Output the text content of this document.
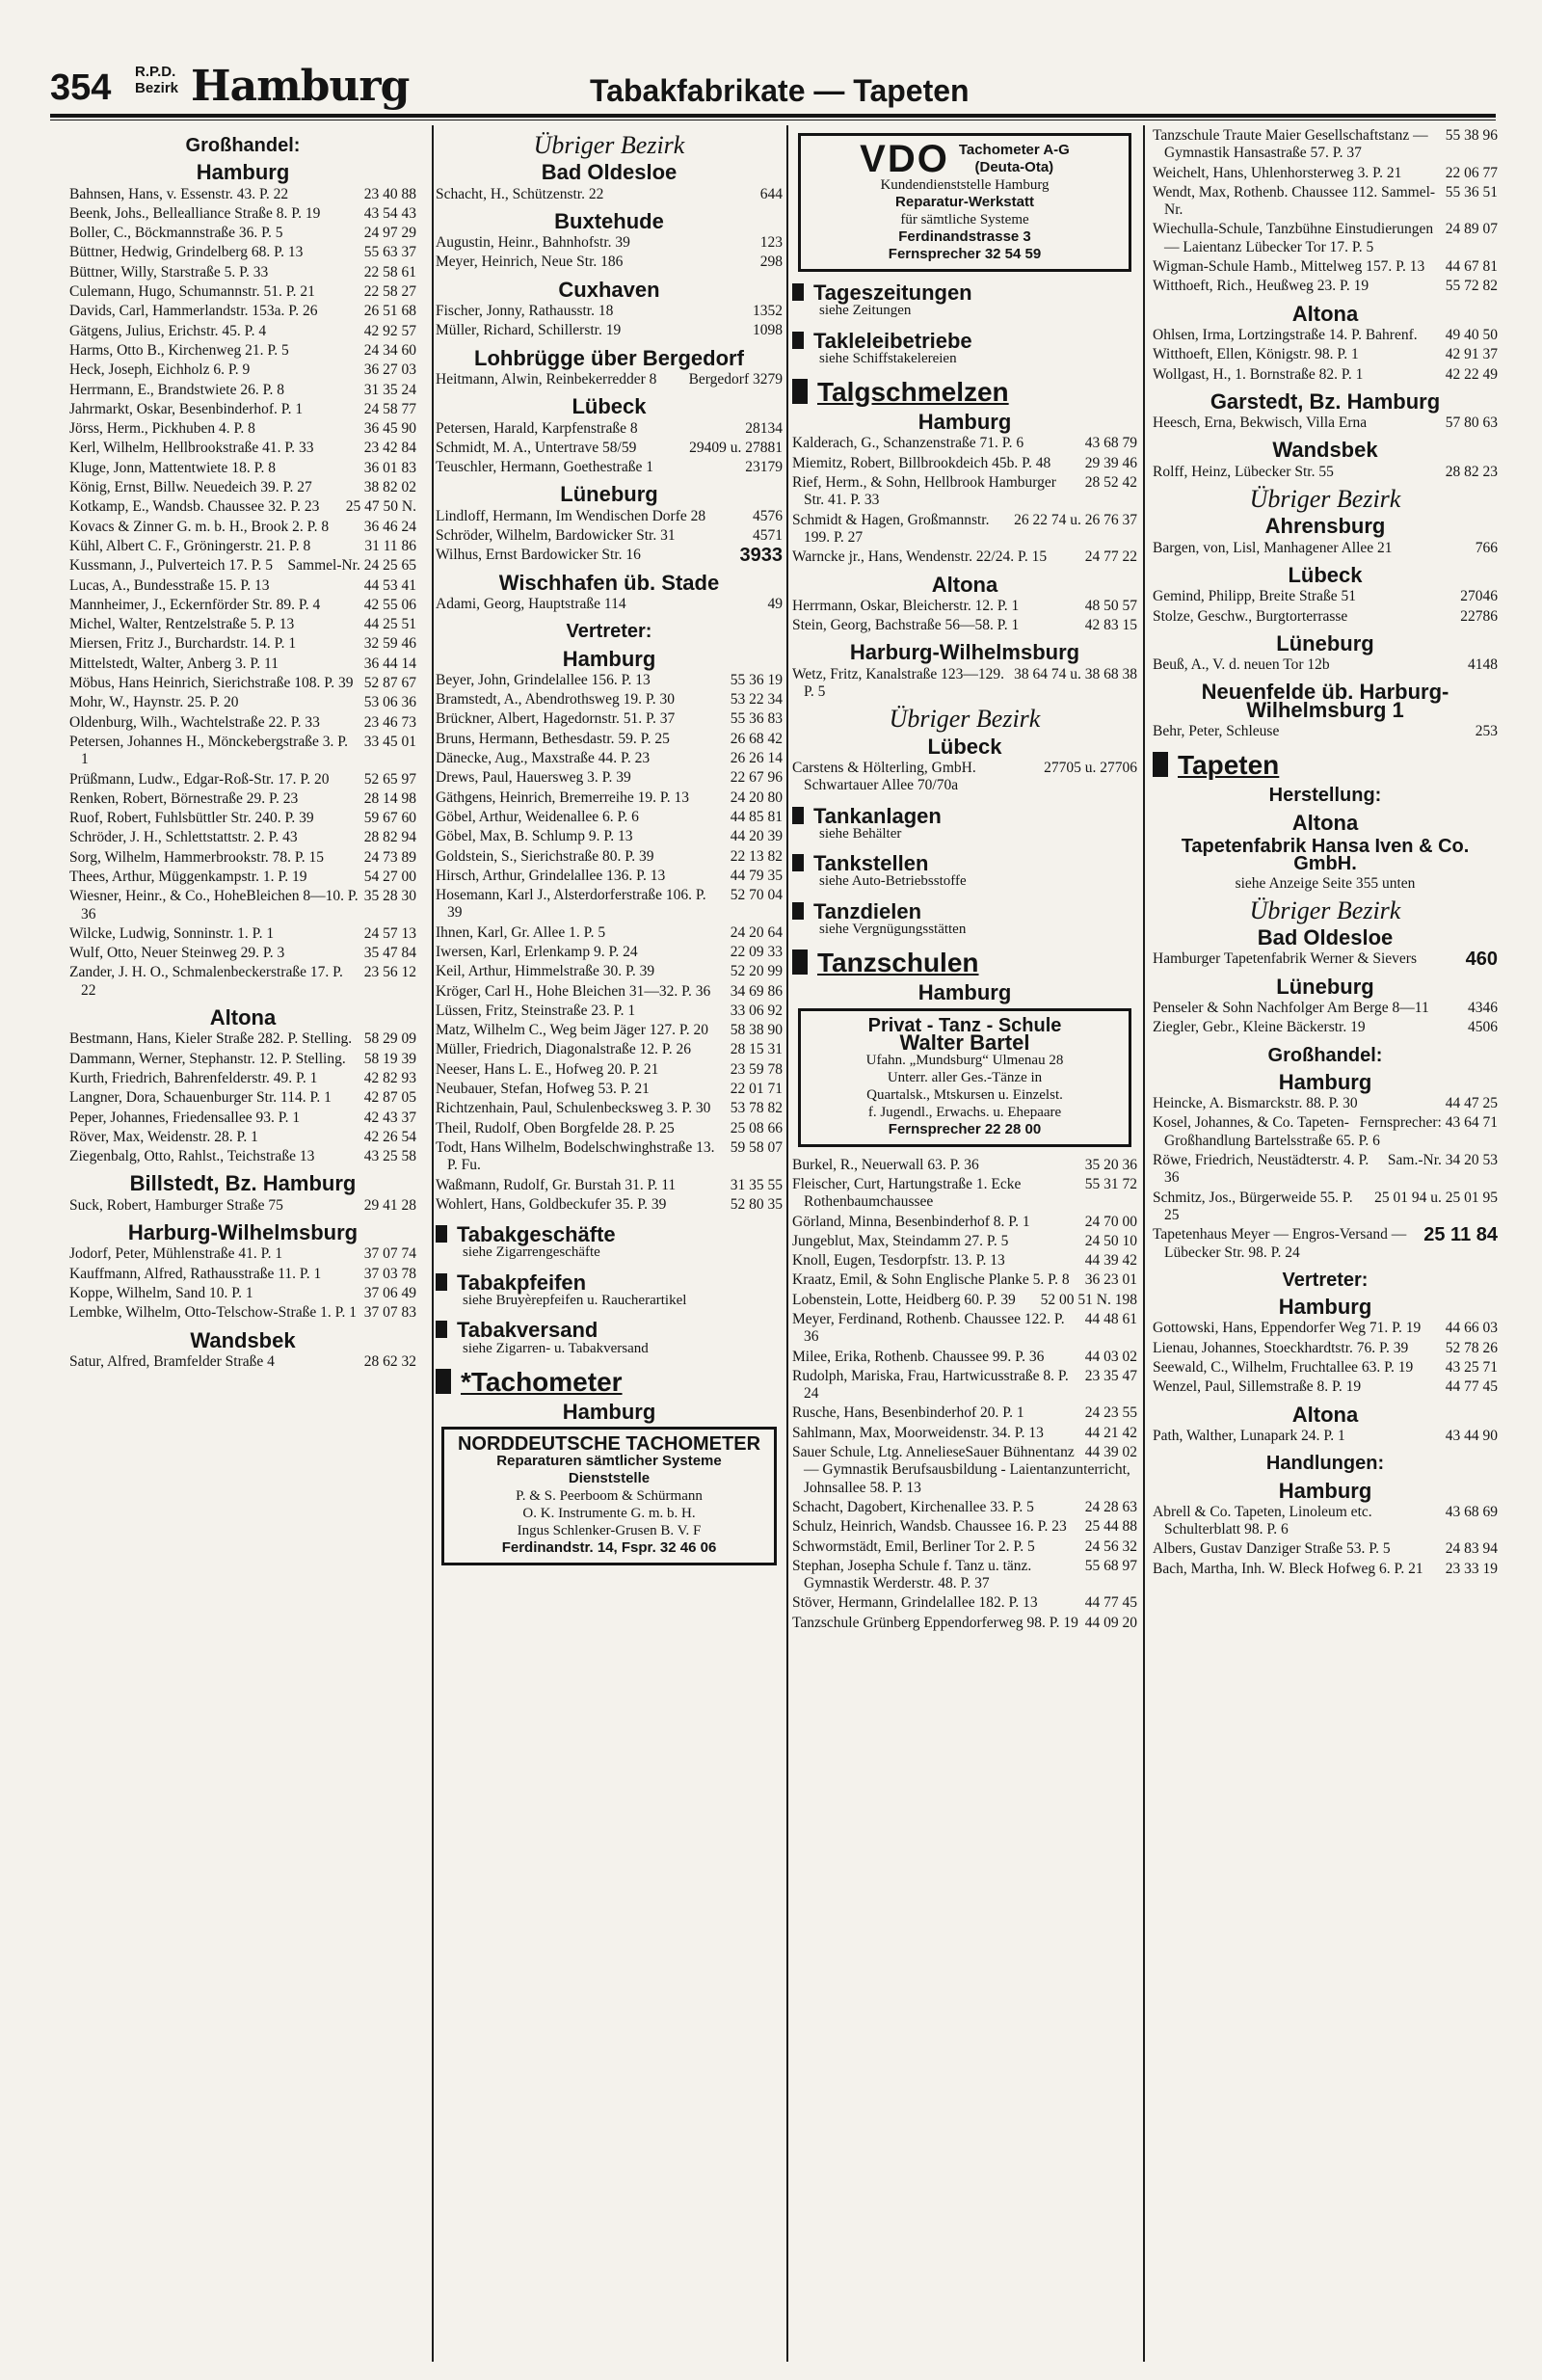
354 R.P.D.
Bezirk Hamburg	Tabakfabrikate — Tapeten
Großhandel:
Hamburg
23 40 88
Bahnsen, Hans, v. Essenstr. 43. P. 22
43 54 43
Beenk, Johs., Bellealliance Straße 8. P. 19
24 97 29
Boller, C., Böckmannstraße 36. P. 5
55 63 37
Büttner, Hedwig, Grindelberg 68. P. 13
22 58 61
Büttner, Willy, Starstraße 5. P. 33
22 58 27
Culemann, Hugo, Schumannstr. 51. P. 21
26 51 68
Davids, Carl, Hammerlandstr. 153a. P. 26
42 92 57
Gätgens, Julius, Erichstr. 45. P. 4
24 34 60
Harms, Otto B., Kirchenweg 21. P. 5
36 27 03
Heck, Joseph, Eichholz 6. P. 9
31 35 24
Herrmann, E., Brandstwiete 26. P. 8
24 58 77
Jahrmarkt, Oskar, Besenbinderhof. P. 1
36 45 90
Jörss, Herm., Pickhuben 4. P. 8
23 42 84
Kerl, Wilhelm, Hellbrookstraße 41. P. 33
36 01 83
Kluge, Jonn, Mattentwiete 18. P. 8
38 82 02
König, Ernst, Billw. Neuedeich 39. P. 27
25 47 50 N.
Kotkamp, E., Wandsb. Chaussee 32. P. 23
36 46 24
Kovacs & Zinner G. m. b. H., Brook 2. P. 8
31 11 86
Kühl, Albert C. F., Gröningerstr. 21. P. 8
Sammel-Nr. 24 25 65
Kussmann, J., Pulverteich 17. P. 5
44 53 41
Lucas, A., Bundesstraße 15. P. 13
42 55 06
Mannheimer, J., Eckernförder Str. 89. P. 4
44 25 51
Michel, Walter, Rentzelstraße 5. P. 13
32 59 46
Miersen, Fritz J., Burchardstr. 14. P. 1
36 44 14
Mittelstedt, Walter, Anberg 3. P. 11
52 87 67
Möbus, Hans Heinrich, Sierichstraße 108. P. 39
53 06 36
Mohr, W., Haynstr. 25. P. 20
23 46 73
Oldenburg, Wilh., Wachtelstraße 22. P. 33
33 45 01
Petersen, Johannes H., Mönckebergstraße 3. P. 1
52 65 97
Prüßmann, Ludw., Edgar-Roß-Str. 17. P. 20
28 14 98
Renken, Robert, Börnestraße 29. P. 23
59 67 60
Ruof, Robert, Fuhlsbüttler Str. 240. P. 39
28 82 94
Schröder, J. H., Schlettstattstr. 2. P. 43
24 73 89
Sorg, Wilhelm, Hammerbrookstr. 78. P. 15
54 27 00
Thees, Arthur, Müggenkampstr. 1. P. 19
35 28 30
Wiesner, Heinr., & Co., HoheBleichen 8—10. P. 36
24 57 13
Wilcke, Ludwig, Sonninstr. 1. P. 1
35 47 84
Wulf, Otto, Neuer Steinweg 29. P. 3
23 56 12
Zander, J. H. O., Schmalenbeckerstraße 17. P. 22
Altona
58 29 09
Bestmann, Hans, Kieler Straße 282. P. Stelling.
58 19 39
Dammann, Werner, Stephanstr. 12. P. Stelling.
42 82 93
Kurth, Friedrich, Bahrenfelderstr. 49. P. 1
42 87 05
Langner, Dora, Schauenburger Str. 114. P. 1
42 43 37
Peper, Johannes, Friedensallee 93. P. 1
42 26 54
Röver, Max, Weidenstr. 28. P. 1
43 25 58
Ziegenbalg, Otto, Rahlst., Teichstraße 13
Billstedt, Bz. Hamburg
29 41 28
Suck, Robert, Hamburger Straße 75
Harburg-Wilhelmsburg
37 07 74
Jodorf, Peter, Mühlenstraße 41. P. 1
37 03 78
Kauffmann, Alfred, Rathausstraße 11. P. 1
37 06 49
Koppe, Wilhelm, Sand 10. P. 1
37 07 83
Lembke, Wilhelm, Otto-Telschow-Straße 1. P. 1
Wandsbek
28 62 32
Satur, Alfred, Bramfelder Straße 4
Übriger Bezirk
Bad Oldesloe
644
Schacht, H., Schützenstr. 22
Buxtehude
123
Augustin, Heinr., Bahnhofstr. 39
298
Meyer, Heinrich, Neue Str. 186
Cuxhaven
1352
Fischer, Jonny, Rathausstr. 18
1098
Müller, Richard, Schillerstr. 19
Lohbrügge über Bergedorf
Bergedorf 3279
Heitmann, Alwin, Reinbekerredder 8
Lübeck
28134
Petersen, Harald, Karpfenstraße 8
29409 u. 27881
Schmidt, M. A., Untertrave 58/59
23179
Teuschler, Hermann, Goethestraße 1
Lüneburg
4576
Lindloff, Hermann, Im Wendischen Dorfe 28
4571
Schröder, Wilhelm, Bardowicker Str. 31
3933
Wilhus, Ernst Bardowicker Str. 16
Wischhafen üb. Stade
49
Adami, Georg, Hauptstraße 114
Vertreter:
Hamburg
55 36 19
Beyer, John, Grindelallee 156. P. 13
53 22 34
Bramstedt, A., Abendrothsweg 19. P. 30
55 36 83
Brückner, Albert, Hagedornstr. 51. P. 37
26 68 42
Bruns, Hermann, Bethesdastr. 59. P. 25
26 26 14
Dänecke, Aug., Maxstraße 44. P. 23
22 67 96
Drews, Paul, Hauersweg 3. P. 39
24 20 80
Gäthgens, Heinrich, Bremerreihe 19. P. 13
44 85 81
Göbel, Arthur, Weidenallee 6. P. 6
44 20 39
Göbel, Max, B. Schlump 9. P. 13
22 13 82
Goldstein, S., Sierichstraße 80. P. 39
44 79 35
Hirsch, Arthur, Grindelallee 136. P. 13
52 70 04
Hosemann, Karl J., Alsterdorferstraße 106. P. 39
24 20 64
Ihnen, Karl, Gr. Allee 1. P. 5
22 09 33
Iwersen, Karl, Erlenkamp 9. P. 24
52 20 99
Keil, Arthur, Himmelstraße 30. P. 39
34 69 86
Kröger, Carl H., Hohe Bleichen 31—32. P. 36
33 06 92
Lüssen, Fritz, Steinstraße 23. P. 1
58 38 90
Matz, Wilhelm C., Weg beim Jäger 127. P. 20
28 15 31
Müller, Friedrich, Diagonalstraße 12. P. 26
23 59 78
Neeser, Hans L. E., Hofweg 20. P. 21
22 01 71
Neubauer, Stefan, Hofweg 53. P. 21
53 78 82
Richtzenhain, Paul, Schulenbecksweg 3. P. 30
25 08 66
Theil, Rudolf, Oben Borgfelde 28. P. 25
59 58 07
Todt, Hans Wilhelm, Bodelschwinghstraße 13. P. Fu.
31 35 55
Waßmann, Rudolf, Gr. Burstah 31. P. 11
52 80 35
Wohlert, Hans, Goldbeckufer 35. P. 39
Tabakgeschäfte
siehe Zigarrengeschäfte
Tabakpfeifen
siehe Bruyèrepfeifen u. Raucherartikel
Tabakversand
siehe Zigarren- u. Tabakversand
*Tachometer
Hamburg
NORDDEUTSCHE TACHOMETER
Reparaturen sämtlicher Systeme
Dienststelle
P. & S. Peerboom & Schürmann
O. K. Instrumente G. m. b. H.
Ingus Schlenker-Grusen B. V. F
Ferdinandstr. 14, Fspr. 32 46 06
VDO Tachometer A-G
(Deuta-Ota)
Kundendienststelle Hamburg
Reparatur-Werkstatt
für sämtliche Systeme
Ferdinandstrasse 3
Fernsprecher 32 54 59
Tageszeitungen
siehe Zeitungen
Takleleibetriebe
siehe Schiffstakelereien
Talgschmelzen
Hamburg
43 68 79
Kalderach, G., Schanzenstraße 71. P. 6
29 39 46
Miemitz, Robert, Billbrookdeich 45b. P. 48
28 52 42
Rief, Herm., & Sohn, Hellbrook Hamburger Str. 41. P. 33
26 22 74 u. 26 76 37
Schmidt & Hagen, Großmannstr. 199. P. 27
24 77 22
Warncke jr., Hans, Wendenstr. 22/24. P. 15
Altona
48 50 57
Herrmann, Oskar, Bleicherstr. 12. P. 1
42 83 15
Stein, Georg, Bachstraße 56—58. P. 1
Harburg-Wilhelmsburg
38 64 74 u. 38 68 38
Wetz, Fritz, Kanalstraße 123—129. P. 5
Übriger Bezirk
Lübeck
27705 u. 27706
Carstens & Hölterling, GmbH. Schwartauer Allee 70/70a
Tankanlagen
siehe Behälter
Tankstellen
siehe Auto-Betriebsstoffe
Tanzdielen
siehe Vergnügungsstätten
Tanzschulen
Hamburg
Privat - Tanz - Schule
Walter Bartel
Ufahn. „Mundsburg“ Ulmenau 28
Unterr. aller Ges.-Tänze in
Quartalsk., Mtskursen u. Einzelst.
f. Jugendl., Erwachs. u. Ehepaare
Fernsprecher 22 28 00
35 20 36
Burkel, R., Neuerwall 63. P. 36
55 31 72
Fleischer, Curt, Hartungstraße 1. Ecke Rothenbaumchaussee
24 70 00
Görland, Minna, Besenbinderhof 8. P. 1
24 50 10
Jungeblut, Max, Steindamm 27. P. 5
44 39 42
Knoll, Eugen, Tesdorpfstr. 13. P. 13
36 23 01
Kraatz, Emil, & Sohn Englische Planke 5. P. 8
52 00 51 N. 198
Lobenstein, Lotte, Heidberg 60. P. 39
44 48 61
Meyer, Ferdinand, Rothenb. Chaussee 122. P. 36
44 03 02
Milee, Erika, Rothenb. Chaussee 99. P. 36
23 35 47
Rudolph, Mariska, Frau, Hartwicusstraße 8. P. 24
24 23 55
Rusche, Hans, Besenbinderhof 20. P. 1
44 21 42
Sahlmann, Max, Moorweidenstr. 34. P. 13
44 39 02
Sauer Schule, Ltg. AnnelieseSauer Bühnentanz — Gymnastik Berufsausbildung - Laientanzunterricht, Johnsallee 58. P. 13
24 28 63
Schacht, Dagobert, Kirchenallee 33. P. 5
25 44 88
Schulz, Heinrich, Wandsb. Chaussee 16. P. 23
24 56 32
Schwormstädt, Emil, Berliner Tor 2. P. 5
55 68 97
Stephan, Josepha Schule f. Tanz u. tänz. Gymnastik Werderstr. 48. P. 37
44 77 45
Stöver, Hermann, Grindelallee 182. P. 13
44 09 20
Tanzschule Grünberg Eppendorferweg 98. P. 19
55 38 96
Tanzschule Traute Maier Gesellschaftstanz — Gymnastik Hansastraße 57. P. 37
22 06 77
Weichelt, Hans, Uhlenhorsterweg 3. P. 21
55 36 51
Wendt, Max, Rothenb. Chaussee 112. Sammel-Nr.
24 89 07
Wiechulla-Schule, Tanzbühne Einstudierungen — Laientanz Lübecker Tor 17. P. 5
44 67 81
Wigman-Schule Hamb., Mittelweg 157. P. 13
55 72 82
Witthoeft, Rich., Heußweg 23. P. 19
Altona
49 40 50
Ohlsen, Irma, Lortzingstraße 14. P. Bahrenf.
42 91 37
Witthoeft, Ellen, Königstr. 98. P. 1
42 22 49
Wollgast, H., 1. Bornstraße 82. P. 1
Garstedt, Bz. Hamburg
57 80 63
Heesch, Erna, Bekwisch, Villa Erna
Wandsbek
28 82 23
Rolff, Heinz, Lübecker Str. 55
Übriger Bezirk
Ahrensburg
766
Bargen, von, Lisl, Manhagener Allee 21
Lübeck
27046
Gemind, Philipp, Breite Straße 51
22786
Stolze, Geschw., Burgtorterrasse
Lüneburg
4148
Beuß, A., V. d. neuen Tor 12b
Neuenfelde üb. Harburg-Wilhelmsburg 1
253
Behr, Peter, Schleuse
Tapeten
Herstellung:
Altona
Tapetenfabrik Hansa Iven & Co. GmbH.
siehe Anzeige Seite 355 unten
Übriger Bezirk
Bad Oldesloe
460
Hamburger Tapetenfabrik Werner & Sievers
Lüneburg
4346
Penseler & Sohn Nachfolger Am Berge 8—11
4506
Ziegler, Gebr., Kleine Bäckerstr. 19
Großhandel:
Hamburg
44 47 25
Heincke, A. Bismarckstr. 88. P. 30
Fernsprecher: 43 64 71
Kosel, Johannes, & Co. Tapeten-Großhandlung Bartelsstraße 65. P. 6
Sam.-Nr. 34 20 53
Röwe, Friedrich, Neustädterstr. 4. P. 36
25 01 94 u. 25 01 95
Schmitz, Jos., Bürgerweide 55. P. 25
25 11 84
Tapetenhaus Meyer — Engros-Versand — Lübecker Str. 98. P. 24
Vertreter:
Hamburg
44 66 03
Gottowski, Hans, Eppendorfer Weg 71. P. 19
52 78 26
Lienau, Johannes, Stoeckhardtstr. 76. P. 39
43 25 71
Seewald, C., Wilhelm, Fruchtallee 63. P. 19
44 77 45
Wenzel, Paul, Sillemstraße 8. P. 19
Altona
43 44 90
Path, Walther, Lunapark 24. P. 1
Handlungen:
Hamburg
43 68 69
Abrell & Co. Tapeten, Linoleum etc. Schulterblatt 98. P. 6
24 83 94
Albers, Gustav Danziger Straße 53. P. 5
23 33 19
Bach, Martha, Inh. W. Bleck Hofweg 6. P. 21
